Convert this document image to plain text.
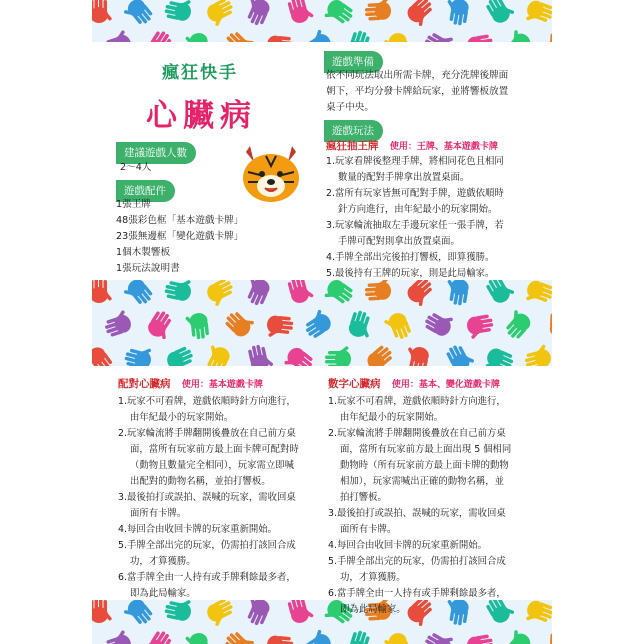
瘋狂快手
心臟病
建議遊戲人數
2～4人
遊戲配件
1張王牌
48張彩色框「基本遊戲卡牌」
23張無邊框「變化遊戲卡牌」
1個木製響板
1張玩法說明書
遊戲準備
依不同玩法取出所需卡牌，充分洗牌後牌面
朝下，平均分發卡牌給玩家，並將響板放置
桌子中央。
遊戲玩法
瘋狂抽王牌 使用：王牌、基本遊戲卡牌
1.玩家看牌後整理手牌，將相同花色且相同
數量的配對手牌拿出放置桌面。
2.當所有玩家皆無可配對手牌，遊戲依順時
針方向進行，由年紀最小的玩家開始。
3.玩家輪流抽取左手邊玩家任一張手牌，若
手牌可配對則拿出放置桌面。
4.手牌全部出完後拍打響板，即算獲勝。
5.最後持有王牌的玩家，則是此局輸家。
配對心臟病 使用：基本遊戲卡牌
1.玩家不可看牌，遊戲依順時針方向進行，
由年紀最小的玩家開始。
2.玩家輪流將手牌翻開後疊放在自己前方桌
面，當所有玩家前方最上面卡牌可配對時
（動物且數量完全相同），玩家需立即喊
出配對的動物名稱，並拍打響板。
3.最後拍打或誤拍、誤喊的玩家，需收回桌
面所有卡牌。
4.每回合由收回卡牌的玩家重新開始。
5.手牌全部出完的玩家，仍需拍打該回合成
功，才算獲勝。
6.當手牌全由一人持有或手牌剩餘最多者，
即為此局輸家。
數字心臟病 使用：基本、變化遊戲卡牌
1.玩家不可看牌，遊戲依順時針方向進行，
由年紀最小的玩家開始。
2.玩家輪流將手牌翻開後疊放在自己前方桌
面，當所有玩家前方最上面出現 5 個相同
動物時（所有玩家前方最上面卡牌的動物
相加），玩家需喊出正確的動物名稱，並
拍打響板。
3.最後拍打或誤拍、誤喊的玩家，需收回桌
面所有卡牌。
4.每回合由收回卡牌的玩家重新開始。
5.手牌全部出完的玩家，仍需拍打該回合成
功，才算獲勝。
6.當手牌全由一人持有或手牌剩餘最多者，
即為此局輸家。
